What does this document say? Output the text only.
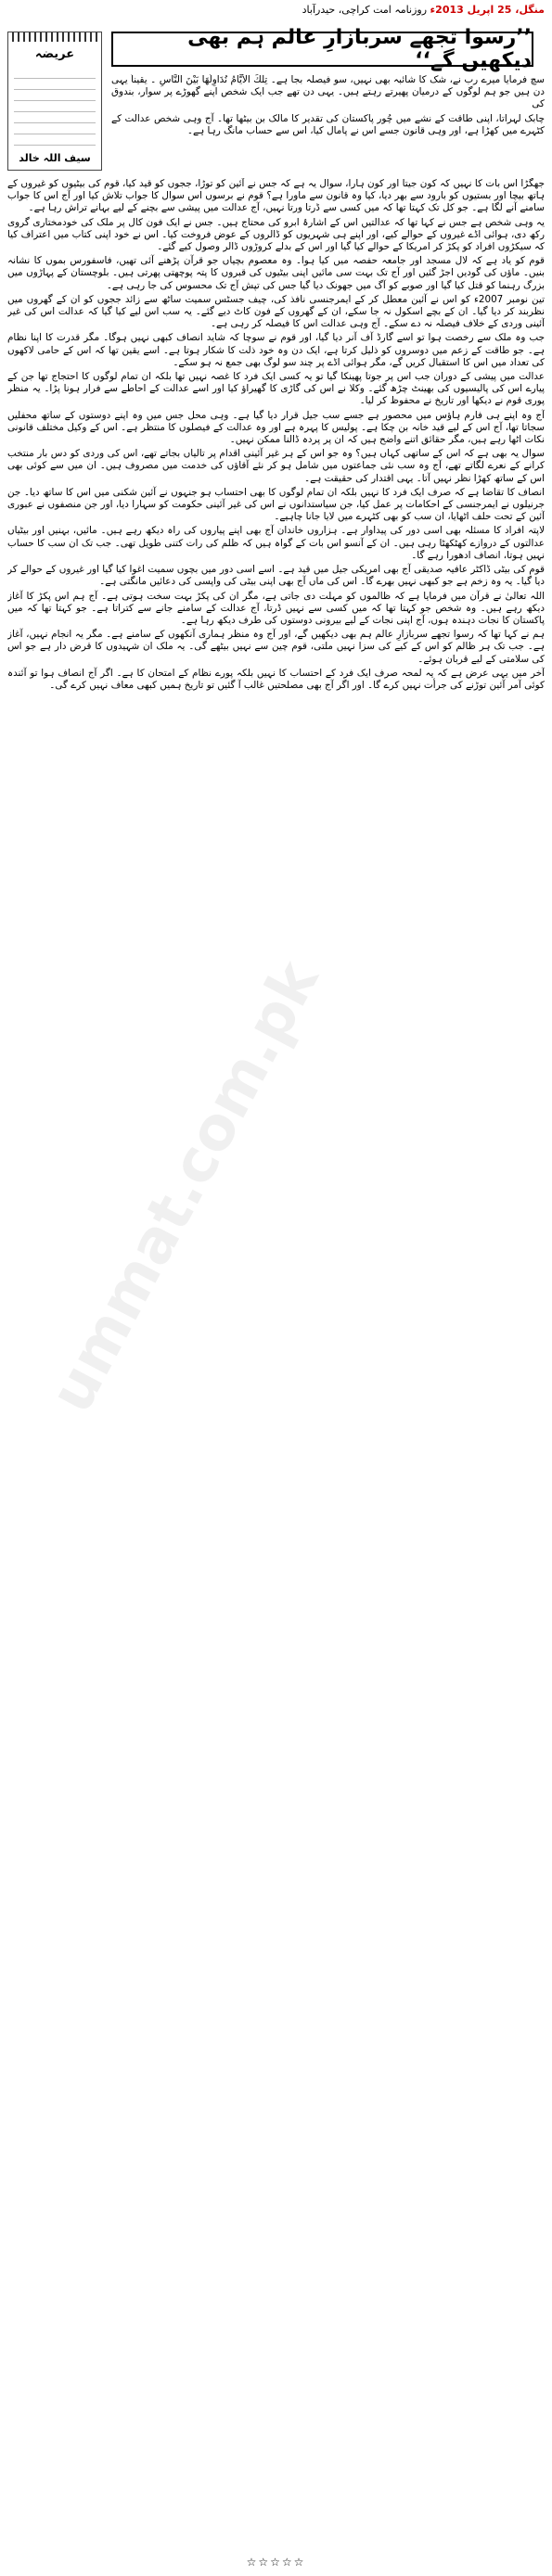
ﻣﻨﮕﻞ، 25 اپریل 2013ء روزنامہ امت کراچی، حیدرآباد
عریضہ
سیف اللہ خالد
’’رسوا تجھے سربازارِ عالم ہم بھی دیکھیں گے‘‘

سچ فرمایا میرے رب نے، شک کا شائبہ بھی نہیں، سو فیصلہ بجا ہے۔ تِلْكَ الْأَيَّامُ نُدَاوِلُهَا بَيْنَ النَّاسِ ۔ یقیناً یہی دن ہیں جو ہم لوگوں کے درمیان پھیرتے رہتے ہیں۔ یہی دن تھے جب ایک شخص اپنے گھوڑے پر سوار، بندوق کی

چابک لہراتا، اپنی طاقت کے نشے میں چُور پاکستان کی تقدیر کا مالک بن بیٹھا تھا۔ آج وہی شخص عدالت کے کٹہرے میں کھڑا ہے، اور وہی قانون جسے اس نے پامال کیا، اس سے حساب مانگ رہا ہے۔

جھگڑا اس بات کا نہیں کہ کون جیتا اور کون ہارا، سوال یہ ہے کہ جس نے آئین کو توڑا، ججوں کو قید کیا، قوم کی بیٹیوں کو غیروں کے ہاتھ بیچا اور بستیوں کو بارود سے بھر دیا، کیا وہ قانون سے ماورا ہے؟ قوم نے برسوں اس سوال کا جواب تلاش کیا اور آج اس کا جواب سامنے آنے لگا ہے۔ جو کل تک کہتا تھا کہ میں کسی سے ڈرتا ورتا نہیں، آج عدالت میں پیشی سے بچنے کے لیے بہانے تراش رہا ہے۔

یہ وہی شخص ہے جس نے کہا تھا کہ عدالتیں اس کے اشارۂ ابرو کی محتاج ہیں۔ جس نے ایک فون کال پر ملک کی خودمختاری گروی رکھ دی، ہوائی اڈے غیروں کے حوالے کیے، اور اپنے ہی شہریوں کو ڈالروں کے عوض فروخت کیا۔ اس نے خود اپنی کتاب میں اعتراف کیا کہ سیکڑوں افراد کو پکڑ کر امریکا کے حوالے کیا گیا اور اس کے بدلے کروڑوں ڈالر وصول کیے گئے۔

قوم کو یاد ہے کہ لال مسجد اور جامعہ حفصہ میں کیا ہوا۔ وہ معصوم بچیاں جو قرآن پڑھنے آئی تھیں، فاسفورس بموں کا نشانہ بنیں۔ ماؤں کی گودیں اجڑ گئیں اور آج تک بہت سی مائیں اپنی بیٹیوں کی قبروں کا پتہ پوچھتی پھرتی ہیں۔ بلوچستان کے پہاڑوں میں بزرگ رہنما کو قتل کیا گیا اور صوبے کو آگ میں جھونک دیا گیا جس کی تپش آج تک محسوس کی جا رہی ہے۔

تین نومبر 2007ء کو اس نے آئین معطل کر کے ایمرجنسی نافذ کی، چیف جسٹس سمیت ساٹھ سے زائد ججوں کو ان کے گھروں میں نظربند کر دیا گیا۔ ان کے بچے اسکول نہ جا سکے، ان کے گھروں کے فون کاٹ دیے گئے۔ یہ سب اس لیے کیا گیا کہ عدالت اس کی غیر آئینی وردی کے خلاف فیصلہ نہ دے سکے۔ آج وہی عدالت اس کا فیصلہ کر رہی ہے۔

جب وہ ملک سے رخصت ہوا تو اسے گارڈ آف آنر دیا گیا، اور قوم نے سوچا کہ شاید انصاف کبھی نہیں ہوگا۔ مگر قدرت کا اپنا نظام ہے۔ جو طاقت کے زعم میں دوسروں کو ذلیل کرتا ہے، ایک دن وہ خود ذلت کا شکار ہوتا ہے۔ اسے یقین تھا کہ اس کے حامی لاکھوں کی تعداد میں اس کا استقبال کریں گے، مگر ہوائی اڈے پر چند سو لوگ بھی جمع نہ ہو سکے۔

عدالت میں پیشی کے دوران جب اس پر جوتا پھینکا گیا تو یہ کسی ایک فرد کا غصہ نہیں تھا بلکہ ان تمام لوگوں کا احتجاج تھا جن کے پیارے اس کی پالیسیوں کی بھینٹ چڑھ گئے۔ وکلا نے اس کی گاڑی کا گھیراؤ کیا اور اسے عدالت کے احاطے سے فرار ہونا پڑا۔ یہ منظر پوری قوم نے دیکھا اور تاریخ نے محفوظ کر لیا۔

آج وہ اپنے ہی فارم ہاؤس میں محصور ہے جسے سب جیل قرار دیا گیا ہے۔ وہی محل جس میں وہ اپنے دوستوں کے ساتھ محفلیں سجاتا تھا، آج اس کے لیے قید خانہ بن چکا ہے۔ پولیس کا پہرہ ہے اور وہ عدالت کے فیصلوں کا منتظر ہے۔ اس کے وکیل مختلف قانونی نکات اٹھا رہے ہیں، مگر حقائق اتنے واضح ہیں کہ ان پر پردہ ڈالنا ممکن نہیں۔

سوال یہ بھی ہے کہ اس کے ساتھی کہاں ہیں؟ وہ جو اس کے ہر غیر آئینی اقدام پر تالیاں بجاتے تھے، اس کی وردی کو دس بار منتخب کرانے کے نعرے لگاتے تھے، آج وہ سب نئی جماعتوں میں شامل ہو کر نئے آقاؤں کی خدمت میں مصروف ہیں۔ ان میں سے کوئی بھی اس کے ساتھ کھڑا نظر نہیں آتا۔ یہی اقتدار کی حقیقت ہے۔

انصاف کا تقاضا ہے کہ صرف ایک فرد کا نہیں بلکہ ان تمام لوگوں کا بھی احتساب ہو جنہوں نے آئین شکنی میں اس کا ساتھ دیا۔ جن جرنیلوں نے ایمرجنسی کے احکامات پر عمل کیا، جن سیاستدانوں نے اس کی غیر آئینی حکومت کو سہارا دیا، اور جن منصفوں نے عبوری آئین کے تحت حلف اٹھایا، ان سب کو بھی کٹہرے میں لایا جانا چاہیے۔

لاپتہ افراد کا مسئلہ بھی اسی دور کی پیداوار ہے۔ ہزاروں خاندان آج بھی اپنے پیاروں کی راہ دیکھ رہے ہیں۔ مائیں، بہنیں اور بیٹیاں عدالتوں کے دروازے کھٹکھٹا رہی ہیں۔ ان کے آنسو اس بات کے گواہ ہیں کہ ظلم کی رات کتنی طویل تھی۔ جب تک ان سب کا حساب نہیں ہوتا، انصاف ادھورا رہے گا۔

قوم کی بیٹی ڈاکٹر عافیہ صدیقی آج بھی امریکی جیل میں قید ہے۔ اسے اسی دور میں بچوں سمیت اغوا کیا گیا اور غیروں کے حوالے کر دیا گیا۔ یہ وہ زخم ہے جو کبھی نہیں بھرے گا۔ اس کی ماں آج بھی اپنی بیٹی کی واپسی کی دعائیں مانگتی ہے۔

اللہ تعالیٰ نے قرآن میں فرمایا ہے کہ ظالموں کو مہلت دی جاتی ہے، مگر ان کی پکڑ بہت سخت ہوتی ہے۔ آج ہم اس پکڑ کا آغاز دیکھ رہے ہیں۔ وہ شخص جو کہتا تھا کہ میں کسی سے نہیں ڈرتا، آج عدالت کے سامنے جانے سے کتراتا ہے۔ جو کہتا تھا کہ میں پاکستان کا نجات دہندہ ہوں، آج اپنی نجات کے لیے بیرونی دوستوں کی طرف دیکھ رہا ہے۔

ہم نے کہا تھا کہ رسوا تجھے سربازارِ عالم ہم بھی دیکھیں گے، اور آج وہ منظر ہماری آنکھوں کے سامنے ہے۔ مگر یہ انجام نہیں، آغاز ہے۔ جب تک ہر ظالم کو اس کے کیے کی سزا نہیں ملتی، قوم چین سے نہیں بیٹھے گی۔ یہ ملک ان شہیدوں کا قرض دار ہے جو اس کی سلامتی کے لیے قربان ہوئے۔

آخر میں یہی عرض ہے کہ یہ لمحہ صرف ایک فرد کے احتساب کا نہیں بلکہ پورے نظام کے امتحان کا ہے۔ اگر آج انصاف ہوا تو آئندہ کوئی آمر آئین توڑنے کی جرأت نہیں کرے گا۔ اور اگر آج بھی مصلحتیں غالب آ گئیں تو تاریخ ہمیں کبھی معاف نہیں کرے گی۔

ummat.com.pk
☆☆☆☆☆
